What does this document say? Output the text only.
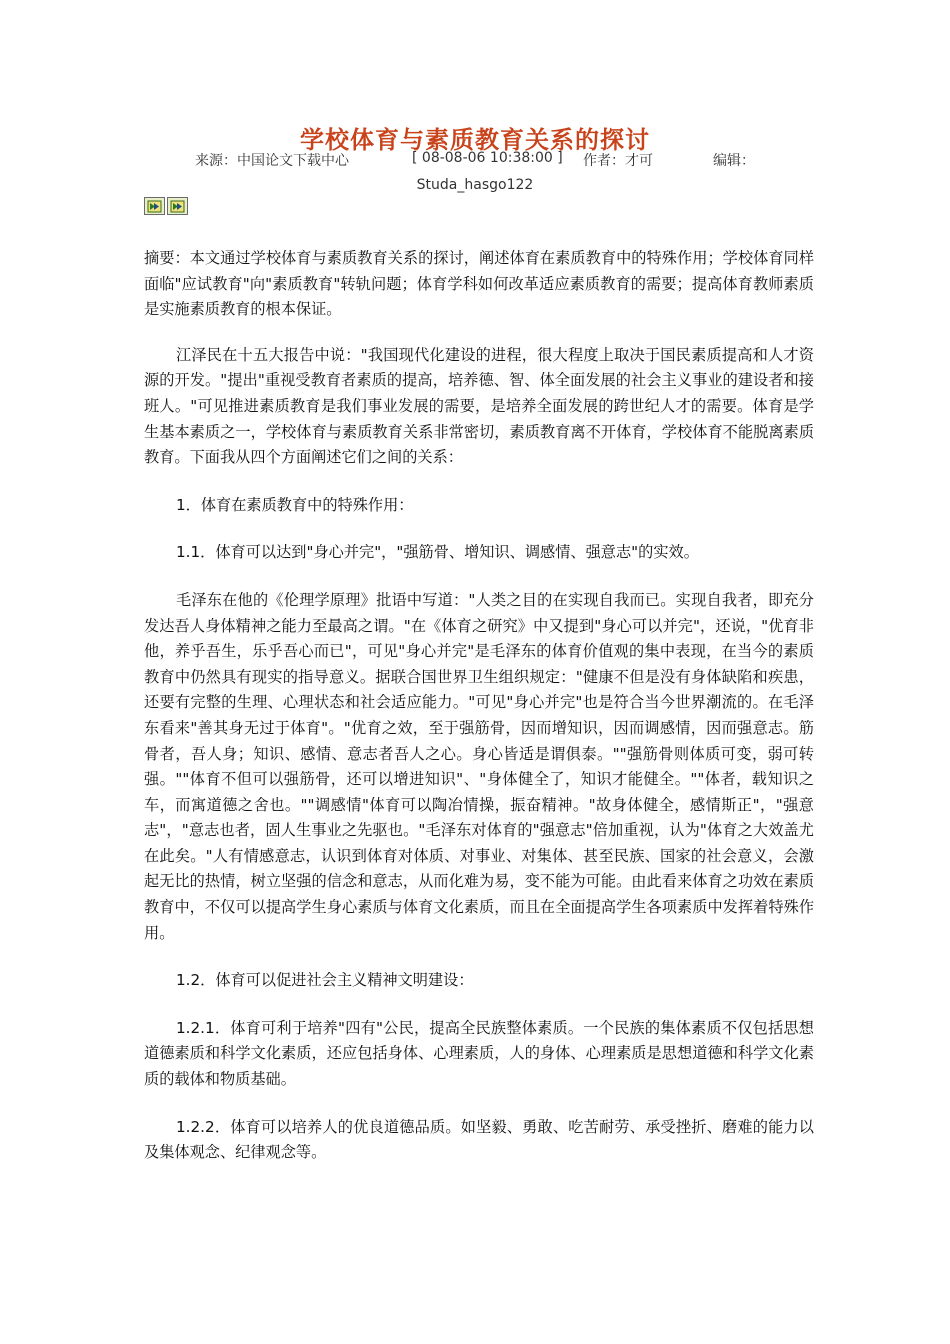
学校体育与素质教育关系的探讨
来源：中国论文下载中心	[ 08-08-06 10:38:00 ] 作者：才可	编辑：
Studa_hasgo122

摘要：本文通过学校体育与素质教育关系的探讨，阐述体育在素质教育中的特殊作用；学校体育同样面临"应试教育"向"素质教育"转轨问题；体育学科如何改革适应素质教育的需要；提高体育教师素质是实施素质教育的根本保证。

江泽民在十五大报告中说："我国现代化建设的进程，很大程度上取决于国民素质提高和人才资源的开发。"提出"重视受教育者素质的提高，培养德、智、体全面发展的社会主义事业的建设者和接班人。"可见推进素质教育是我们事业发展的需要，是培养全面发展的跨世纪人才的需要。体育是学生基本素质之一，学校体育与素质教育关系非常密切，素质教育离不开体育，学校体育不能脱离素质教育。下面我从四个方面阐述它们之间的关系：

1．体育在素质教育中的特殊作用：

1.1．体育可以达到"身心并完"，"强筋骨、增知识、调感情、强意志"的实效。

毛泽东在他的《伦理学原理》批语中写道："人类之目的在实现自我而已。实现自我者，即充分发达吾人身体精神之能力至最高之谓。"在《体育之研究》中又提到"身心可以并完"，还说，"优育非他，养乎吾生，乐乎吾心而已"，可见"身心并完"是毛泽东的体育价值观的集中表现，在当今的素质教育中仍然具有现实的指导意义。据联合国世界卫生组织规定："健康不但是没有身体缺陷和疾患，还要有完整的生理、心理状态和社会适应能力。"可见"身心并完"也是符合当今世界潮流的。在毛泽东看来"善其身无过于体育"。"优育之效，至于强筋骨，因而增知识，因而调感情，因而强意志。筋骨者，吾人身；知识、感情、意志者吾人之心。身心皆适是谓俱泰。""强筋骨则体质可变，弱可转强。""体育不但可以强筋骨，还可以增进知识"、"身体健全了，知识才能健全。""体者，载知识之车，而寓道德之舍也。""调感情"体育可以陶冶情操，振奋精神。"故身体健全，感情斯正"，"强意志"，"意志也者，固人生事业之先驱也。"毛泽东对体育的"强意志"倍加重视，认为"体育之大效盖尤在此矣。"人有情感意志，认识到体育对体质、对事业、对集体、甚至民族、国家的社会意义，会激起无比的热情，树立坚强的信念和意志，从而化难为易，变不能为可能。由此看来体育之功效在素质教育中，不仅可以提高学生身心素质与体育文化素质，而且在全面提高学生各项素质中发挥着特殊作用。

1.2．体育可以促进社会主义精神文明建设：

1.2.1．体育可利于培养"四有"公民，提高全民族整体素质。一个民族的集体素质不仅包括思想道德素质和科学文化素质，还应包括身体、心理素质，人的身体、心理素质是思想道德和科学文化素质的载体和物质基础。

1.2.2．体育可以培养人的优良道德品质。如坚毅、勇敢、吃苦耐劳、承受挫折、磨难的能力以及集体观念、纪律观念等。
